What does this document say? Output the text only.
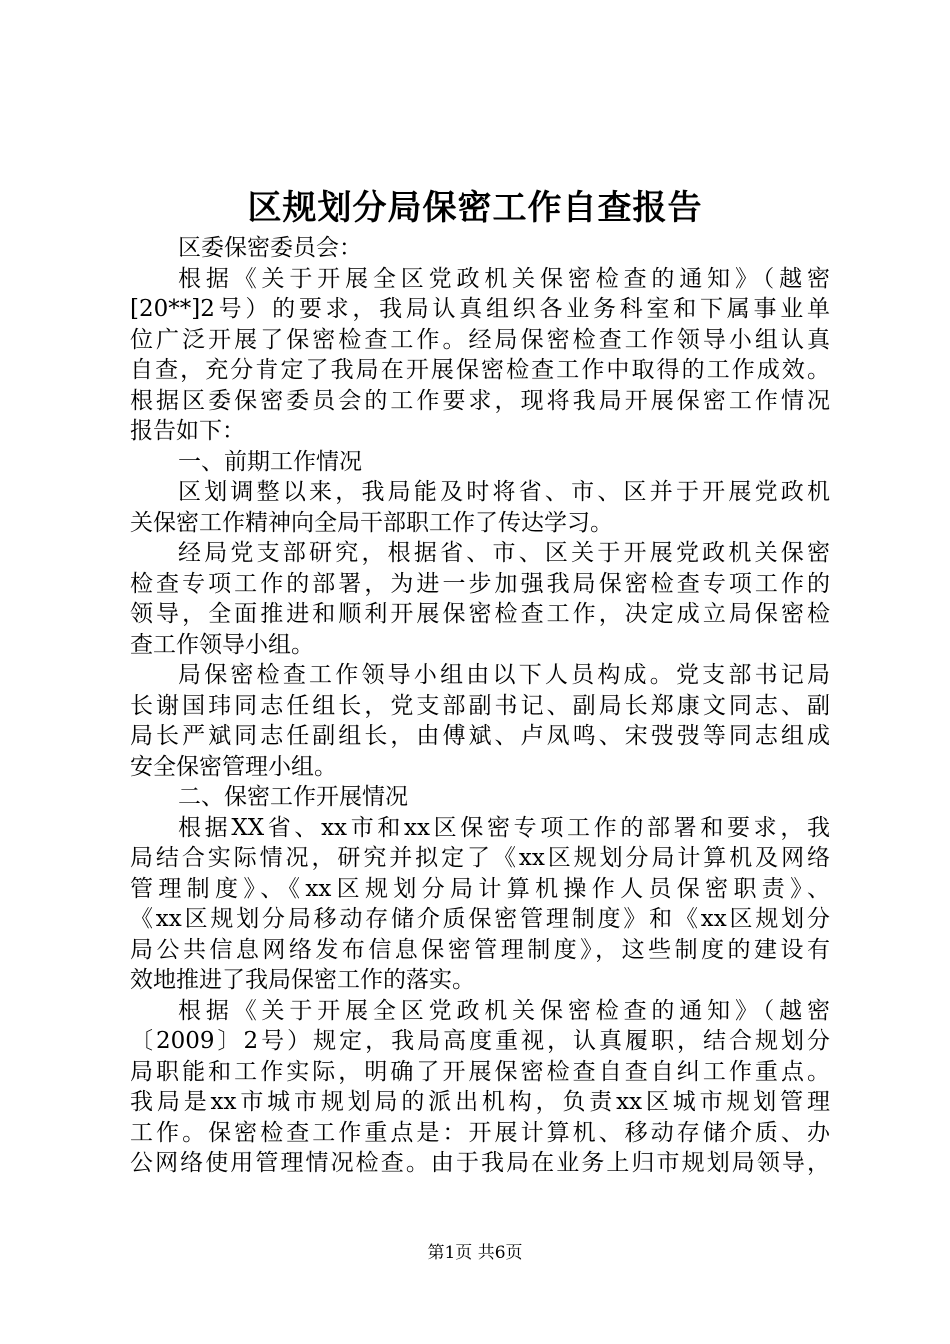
区规划分局保密工作自查报告
区委保密委员会：
根据《关于开展全区党政机关保密检查的通知》（越密
[20**]2号）的要求，我局认真组织各业务科室和下属事业单
位广泛开展了保密检查工作。经局保密检查工作领导小组认真
自查，充分肯定了我局在开展保密检查工作中取得的工作成效。
根据区委保密委员会的工作要求，现将我局开展保密工作情况
报告如下：
一、前期工作情况
区划调整以来，我局能及时将省、市、区并于开展党政机
关保密工作精神向全局干部职工作了传达学习。
经局党支部研究，根据省、市、区关于开展党政机关保密
检查专项工作的部署，为进一步加强我局保密检查专项工作的
领导，全面推进和顺利开展保密检查工作，决定成立局保密检
查工作领导小组。
局保密检查工作领导小组由以下人员构成。党支部书记局
长谢国玮同志任组长，党支部副书记、副局长郑康文同志、副
局长严斌同志任副组长，由傅斌、卢凤鸣、宋弢弢等同志组成
安全保密管理小组。
二、保密工作开展情况
根据XX省、xx市和xx区保密专项工作的部署和要求，我
局结合实际情况，研究并拟定了《xx区规划分局计算机及网络
管理制度》、《xx区规划分局计算机操作人员保密职责》、
《xx区规划分局移动存储介质保密管理制度》和《xx区规划分
局公共信息网络发布信息保密管理制度》，这些制度的建设有
效地推进了我局保密工作的落实。
根据《关于开展全区党政机关保密检查的通知》（越密
〔2009〕2号）规定，我局高度重视，认真履职，结合规划分
局职能和工作实际，明确了开展保密检查自查自纠工作重点。
我局是xx市城市规划局的派出机构，负责xx区城市规划管理
工作。保密检查工作重点是：开展计算机、移动存储介质、办
公网络使用管理情况检查。由于我局在业务上归市规划局领导，
第1页 共6页
